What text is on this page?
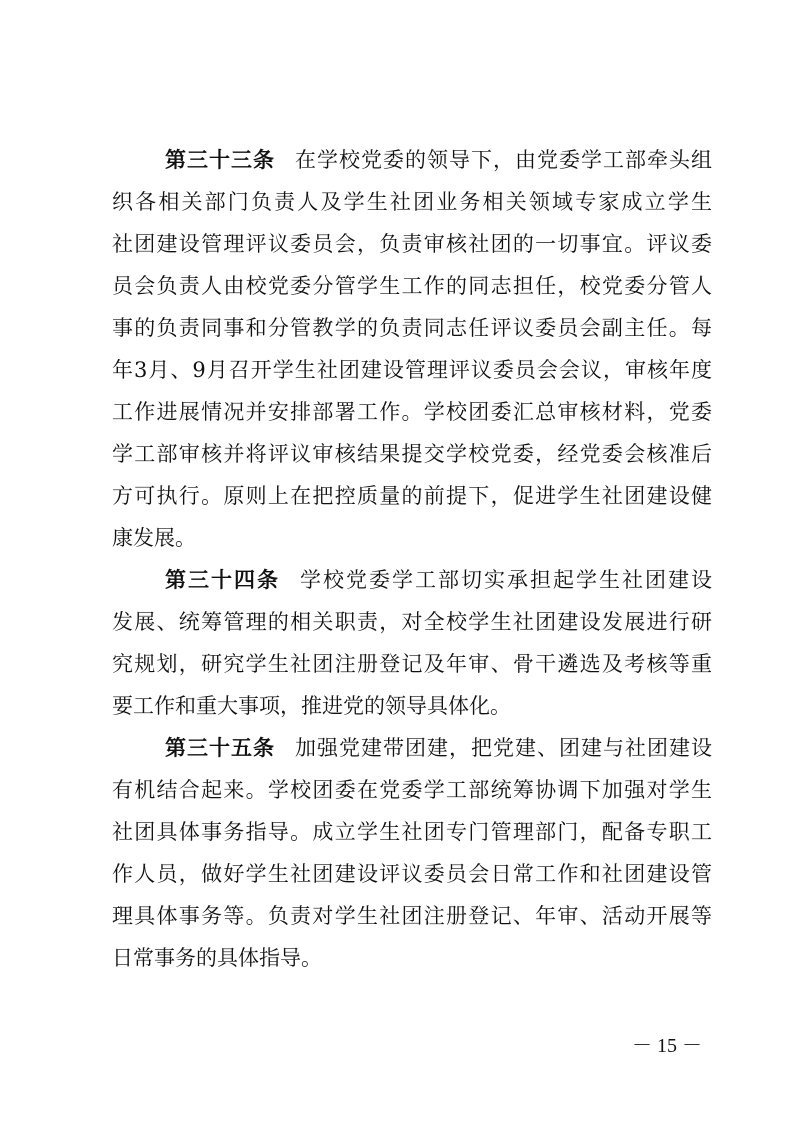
第三十三条 在学校党委的领导下，由党委学工部牵头组
织各相关部门负责人及学生社团业务相关领域专家成立学生
社团建设管理评议委员会，负责审核社团的一切事宜。评议委
员会负责人由校党委分管学生工作的同志担任，校党委分管人
事的负责同事和分管教学的负责同志任评议委员会副主任。每
年3月、9月召开学生社团建设管理评议委员会会议，审核年度
工作进展情况并安排部署工作。学校团委汇总审核材料，党委
学工部审核并将评议审核结果提交学校党委，经党委会核准后
方可执行。原则上在把控质量的前提下，促进学生社团建设健
康发展。
第三十四条 学校党委学工部切实承担起学生社团建设
发展、统筹管理的相关职责，对全校学生社团建设发展进行研
究规划，研究学生社团注册登记及年审、骨干遴选及考核等重
要工作和重大事项，推进党的领导具体化。
第三十五条 加强党建带团建，把党建、团建与社团建设
有机结合起来。学校团委在党委学工部统筹协调下加强对学生
社团具体事务指导。成立学生社团专门管理部门，配备专职工
作人员，做好学生社团建设评议委员会日常工作和社团建设管
理具体事务等。负责对学生社团注册登记、年审、活动开展等
日常事务的具体指导。
－ 15 －
